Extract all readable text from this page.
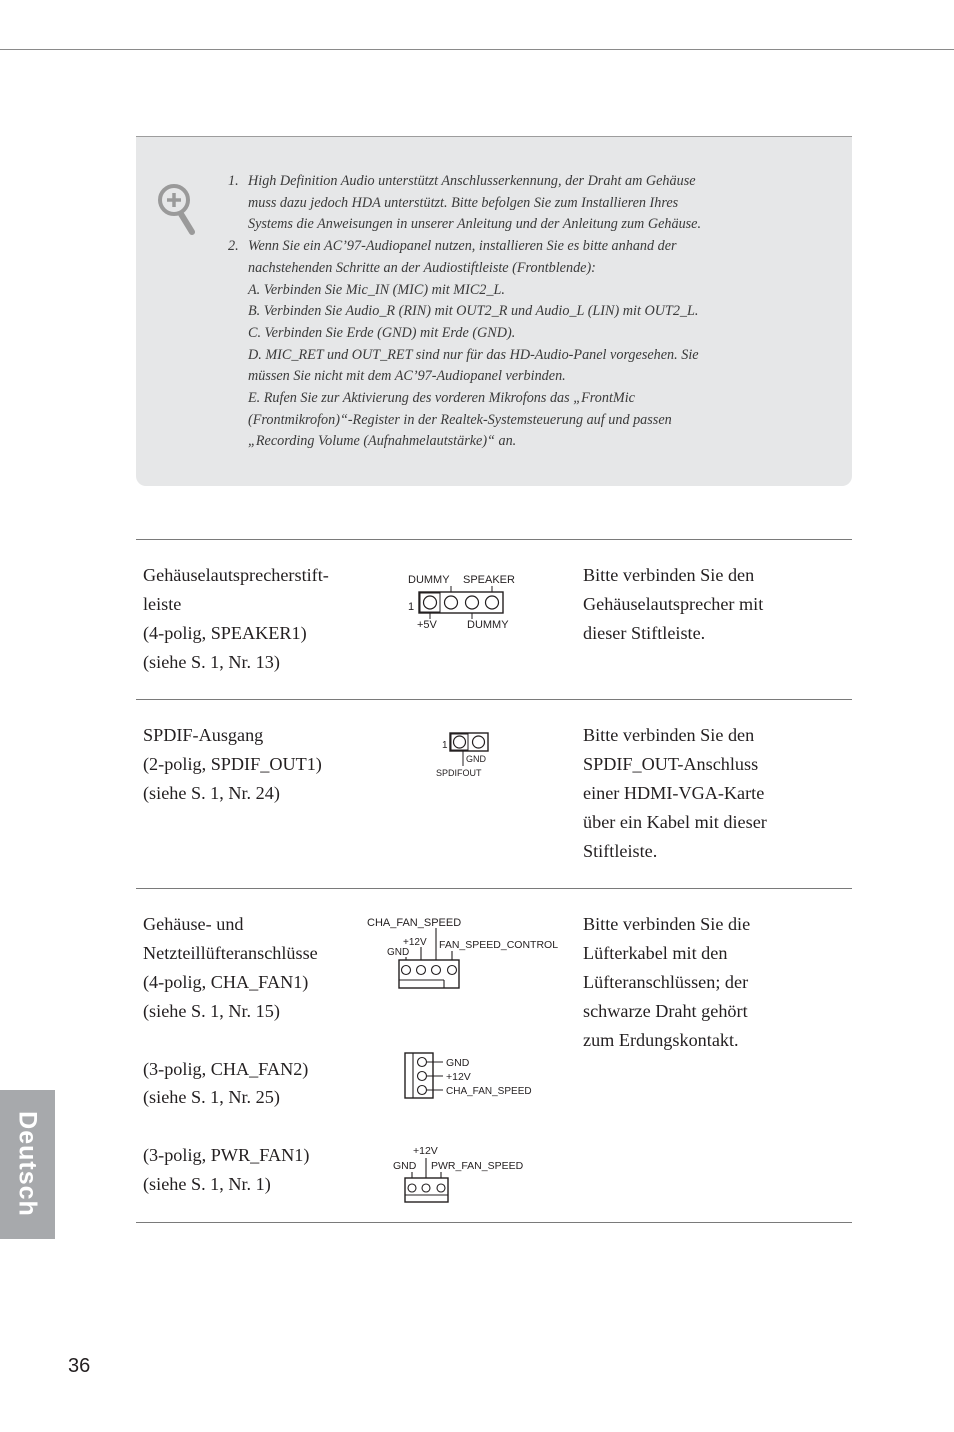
1. High Definition Audio unterstützt Anschlusserkennung, der Draht am Gehäuse
muss dazu jedoch HDA unterstützt. Bitte befolgen Sie zum Installieren Ihres
Systems die Anweisungen in unserer Anleitung und der Anleitung zum Gehäuse.
2. Wenn Sie ein AC’97-Audiopanel nutzen, installieren Sie es bitte anhand der
nachstehenden Schritte an der Audiostiftleiste (Frontblende):
A. Verbinden Sie Mic_IN (MIC) mit MIC2_L.
B. Verbinden Sie Audio_R (RIN) mit OUT2_R und Audio_L (LIN) mit OUT2_L.
C. Verbinden Sie Erde (GND) mit Erde (GND).
D. MIC_RET und OUT_RET sind nur für das HD-Audio-Panel vorgesehen. Sie
müssen Sie nicht mit dem AC’97-Audiopanel verbinden.
E. Rufen Sie zur Aktivierung des vorderen Mikrofons das „FrontMic
(Frontmikrofon)“-Register in der Realtek-Systemsteuerung auf und passen
„Recording Volume (Aufnahmelautstärke)“ an.
Gehäuselautsprecherstift-
leiste
(4-polig, SPEAKER1)
(siehe S. 1, Nr. 13)
DUMMY SPEAKER
1
+5V	DUMMY
Bitte verbinden Sie den
Gehäuselautsprecher mit
dieser Stiftleiste.
SPDIF-Ausgang
(2-polig, SPDIF_OUT1)
(siehe S. 1, Nr. 24)
1
GND
SPDIFOUT
Bitte verbinden Sie den
SPDIF_OUT-Anschluss
einer HDMI-VGA-Karte
über ein Kabel mit dieser
Stiftleiste.
Gehäuse- und
Netzteillüfteranschlüsse
(4-polig, CHA_FAN1)
(siehe S. 1, Nr. 15)
(3-polig, CHA_FAN2)
(siehe S. 1, Nr. 25)
(3-polig, PWR_FAN1)
(siehe S. 1, Nr. 1)
CHA_FAN_SPEED
+12V FAN_SPEED_CONTROL
GND
GND
+12V
CHA_FAN_SPEED
+12V
GND PWR_FAN_SPEED
Bitte verbinden Sie die
Lüfterkabel mit den
Lüfteranschlüssen; der
schwarze Draht gehört
zum Erdungskontakt.
Deutsch
36
